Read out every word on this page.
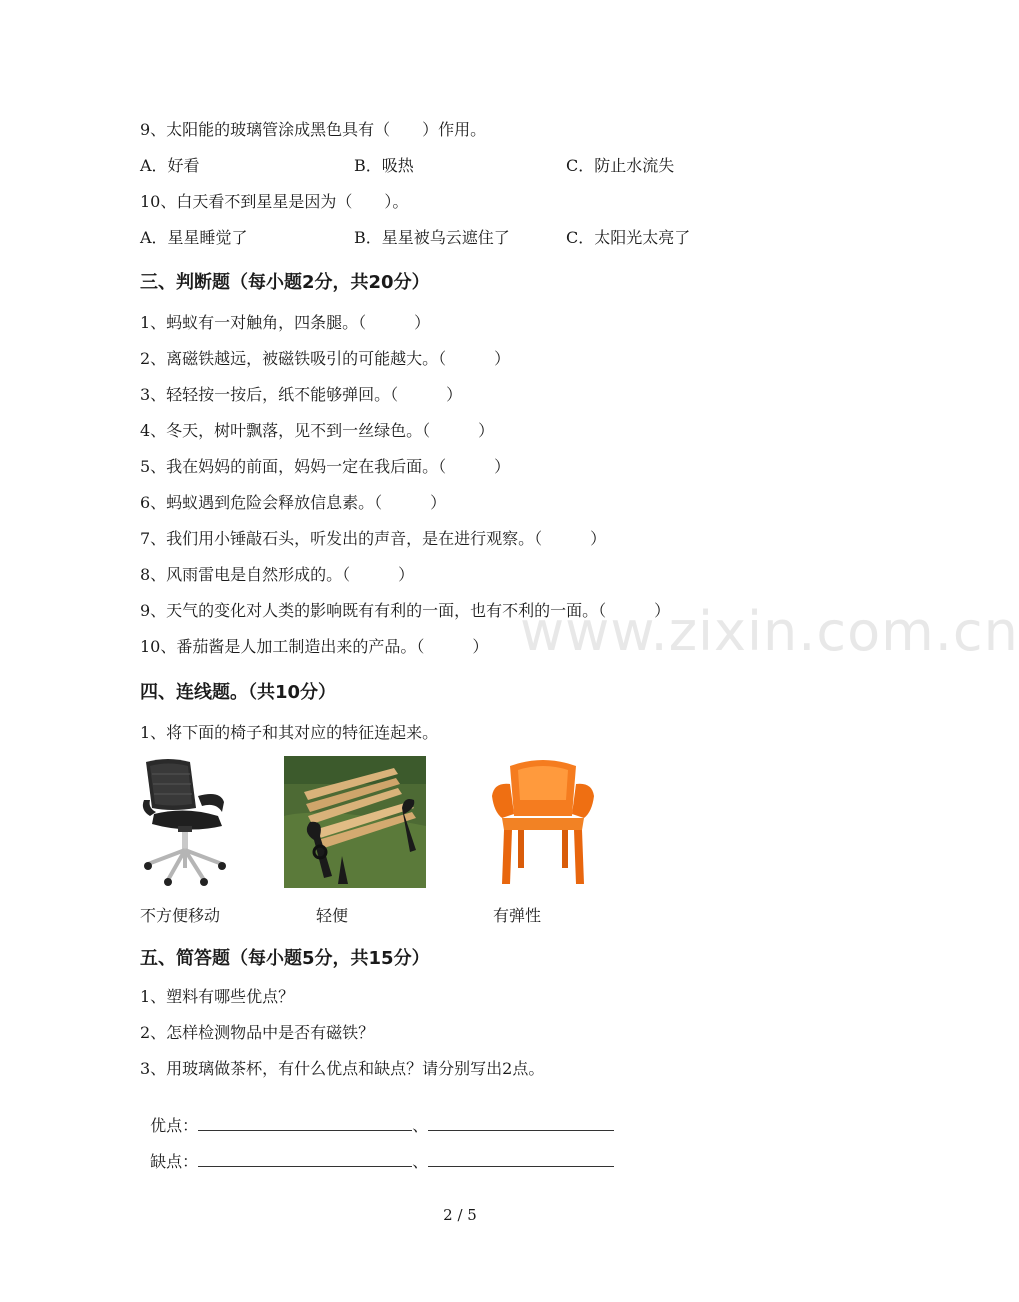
www.zixin.com.cn
9、太阳能的玻璃管涂成黑色具有（　　）作用。
A．好看	B．吸热	C．防止水流失
10、白天看不到星星是因为（　　）。
A．星星睡觉了	B．星星被乌云遮住了	C．太阳光太亮了
三、判断题（每小题2分，共20分）
1、蚂蚁有一对触角，四条腿。（　　　）
2、离磁铁越远，被磁铁吸引的可能越大。（　　　）
3、轻轻按一按后，纸不能够弹回。（　　　）
4、冬天，树叶飘落，见不到一丝绿色。（　　　）
5、我在妈妈的前面，妈妈一定在我后面。（　　　）
6、蚂蚁遇到危险会释放信息素。（　　　）
7、我们用小锤敲石头，听发出的声音，是在进行观察。（　　　）
8、风雨雷电是自然形成的。（　　　）
9、天气的变化对人类的影响既有有利的一面，也有不利的一面。（　　　）
10、番茄酱是人加工制造出来的产品。（　　　）
四、连线题。（共10分）
1、将下面的椅子和其对应的特征连起来。
不方便移动	轻便	有弹性
五、简答题（每小题5分，共15分）
1、塑料有哪些优点？
2、怎样检测物品中是否有磁铁？
3、用玻璃做茶杯，有什么优点和缺点？请分别写出2点。

优点：	、

缺点：	、

2 / 5
